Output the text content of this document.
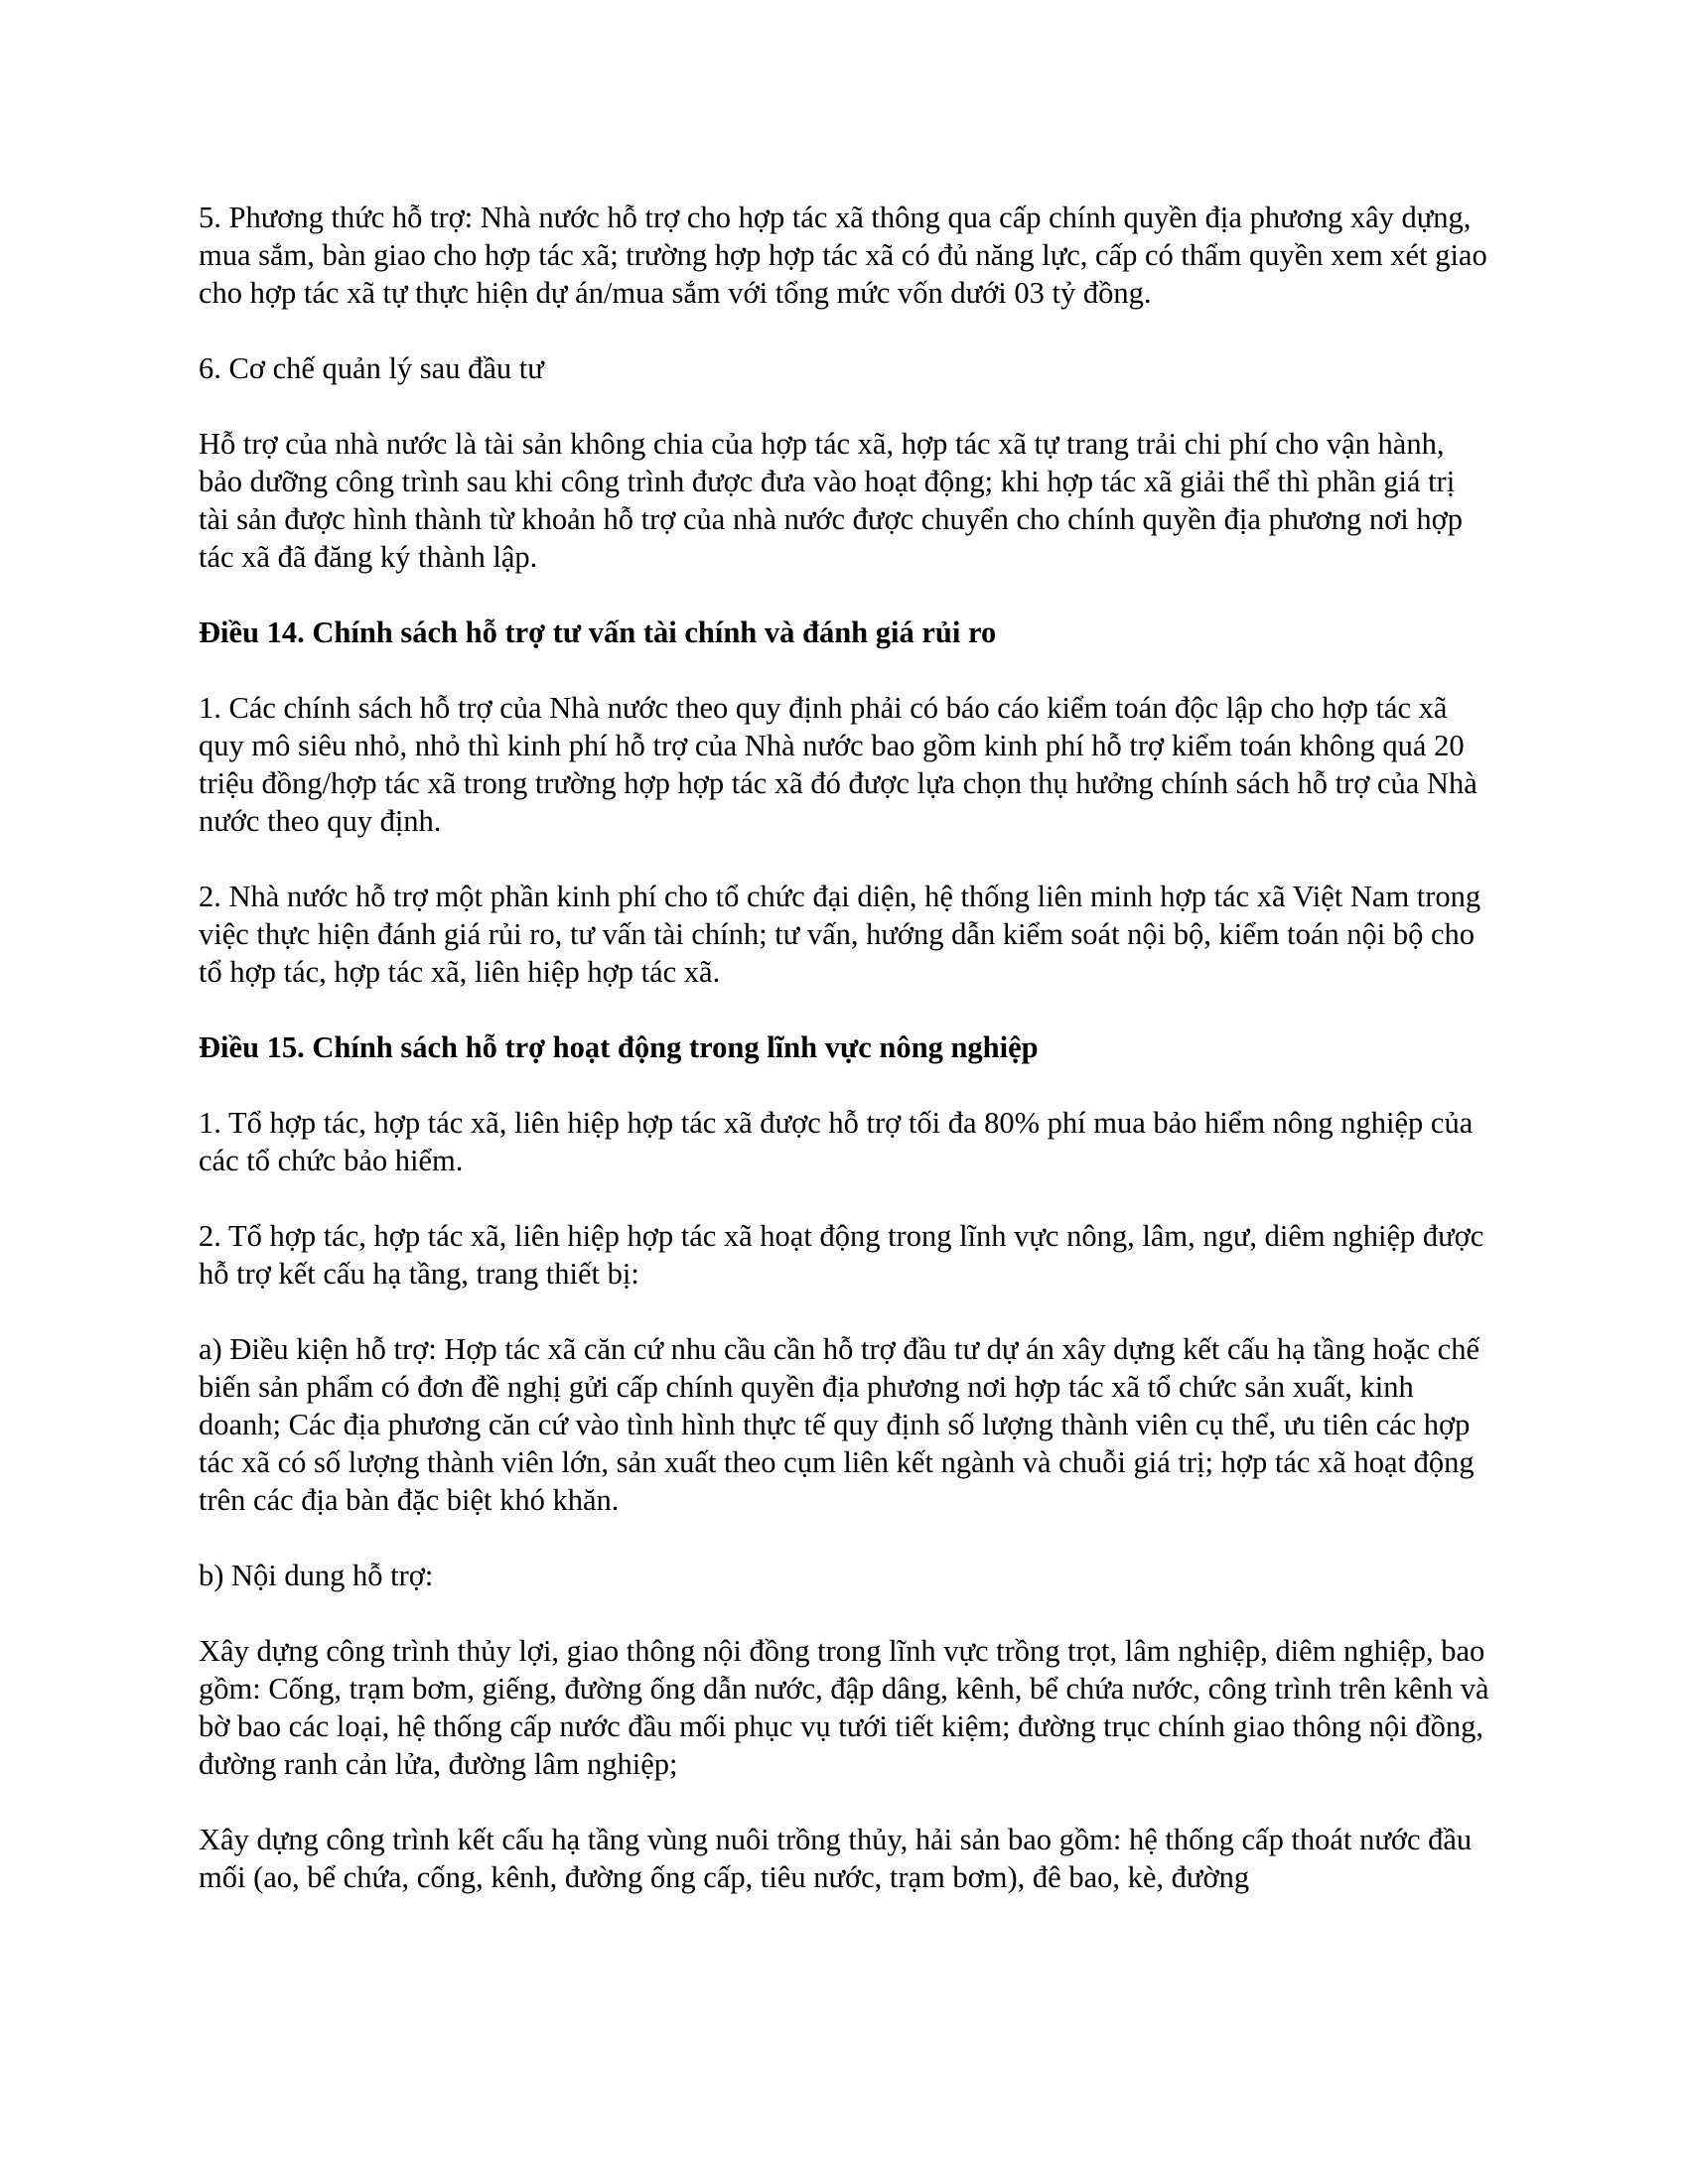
5. Phương thức hỗ trợ: Nhà nước hỗ trợ cho hợp tác xã thông qua cấp chính quyền địa phương xây dựng, mua sắm, bàn giao cho hợp tác xã; trường hợp hợp tác xã có đủ năng lực, cấp có thẩm quyền xem xét giao cho hợp tác xã tự thực hiện dự án/mua sắm với tổng mức vốn dưới 03 tỷ đồng.

6. Cơ chế quản lý sau đầu tư

Hỗ trợ của nhà nước là tài sản không chia của hợp tác xã, hợp tác xã tự trang trải chi phí cho vận hành, bảo dưỡng công trình sau khi công trình được đưa vào hoạt động; khi hợp tác xã giải thể thì phần giá trị tài sản được hình thành từ khoản hỗ trợ của nhà nước được chuyển cho chính quyền địa phương nơi hợp tác xã đã đăng ký thành lập.

Điều 14. Chính sách hỗ trợ tư vấn tài chính và đánh giá rủi ro

1. Các chính sách hỗ trợ của Nhà nước theo quy định phải có báo cáo kiểm toán độc lập cho hợp tác xã quy mô siêu nhỏ, nhỏ thì kinh phí hỗ trợ của Nhà nước bao gồm kinh phí hỗ trợ kiểm toán không quá 20 triệu đồng/hợp tác xã trong trường hợp hợp tác xã đó được lựa chọn thụ hưởng chính sách hỗ trợ của Nhà nước theo quy định.

2. Nhà nước hỗ trợ một phần kinh phí cho tổ chức đại diện, hệ thống liên minh hợp tác xã Việt Nam trong việc thực hiện đánh giá rủi ro, tư vấn tài chính; tư vấn, hướng dẫn kiểm soát nội bộ, kiểm toán nội bộ cho tổ hợp tác, hợp tác xã, liên hiệp hợp tác xã.

Điều 15. Chính sách hỗ trợ hoạt động trong lĩnh vực nông nghiệp

1. Tổ hợp tác, hợp tác xã, liên hiệp hợp tác xã được hỗ trợ tối đa 80% phí mua bảo hiểm nông nghiệp của các tổ chức bảo hiểm.

2. Tổ hợp tác, hợp tác xã, liên hiệp hợp tác xã hoạt động trong lĩnh vực nông, lâm, ngư, diêm nghiệp được hỗ trợ kết cấu hạ tầng, trang thiết bị:

a) Điều kiện hỗ trợ: Hợp tác xã căn cứ nhu cầu cần hỗ trợ đầu tư dự án xây dựng kết cấu hạ tầng hoặc chế biến sản phẩm có đơn đề nghị gửi cấp chính quyền địa phương nơi hợp tác xã tổ chức sản xuất, kinh doanh; Các địa phương căn cứ vào tình hình thực tế quy định số lượng thành viên cụ thể, ưu tiên các hợp tác xã có số lượng thành viên lớn, sản xuất theo cụm liên kết ngành và chuỗi giá trị; hợp tác xã hoạt động trên các địa bàn đặc biệt khó khăn.

b) Nội dung hỗ trợ:

Xây dựng công trình thủy lợi, giao thông nội đồng trong lĩnh vực trồng trọt, lâm nghiệp, diêm nghiệp, bao gồm: Cống, trạm bơm, giếng, đường ống dẫn nước, đập dâng, kênh, bể chứa nước, công trình trên kênh và bờ bao các loại, hệ thống cấp nước đầu mối phục vụ tưới tiết kiệm; đường trục chính giao thông nội đồng, đường ranh cản lửa, đường lâm nghiệp;

Xây dựng công trình kết cấu hạ tầng vùng nuôi trồng thủy, hải sản bao gồm: hệ thống cấp thoát nước đầu mối (ao, bể chứa, cống, kênh, đường ống cấp, tiêu nước, trạm bơm), đê bao, kè, đường
